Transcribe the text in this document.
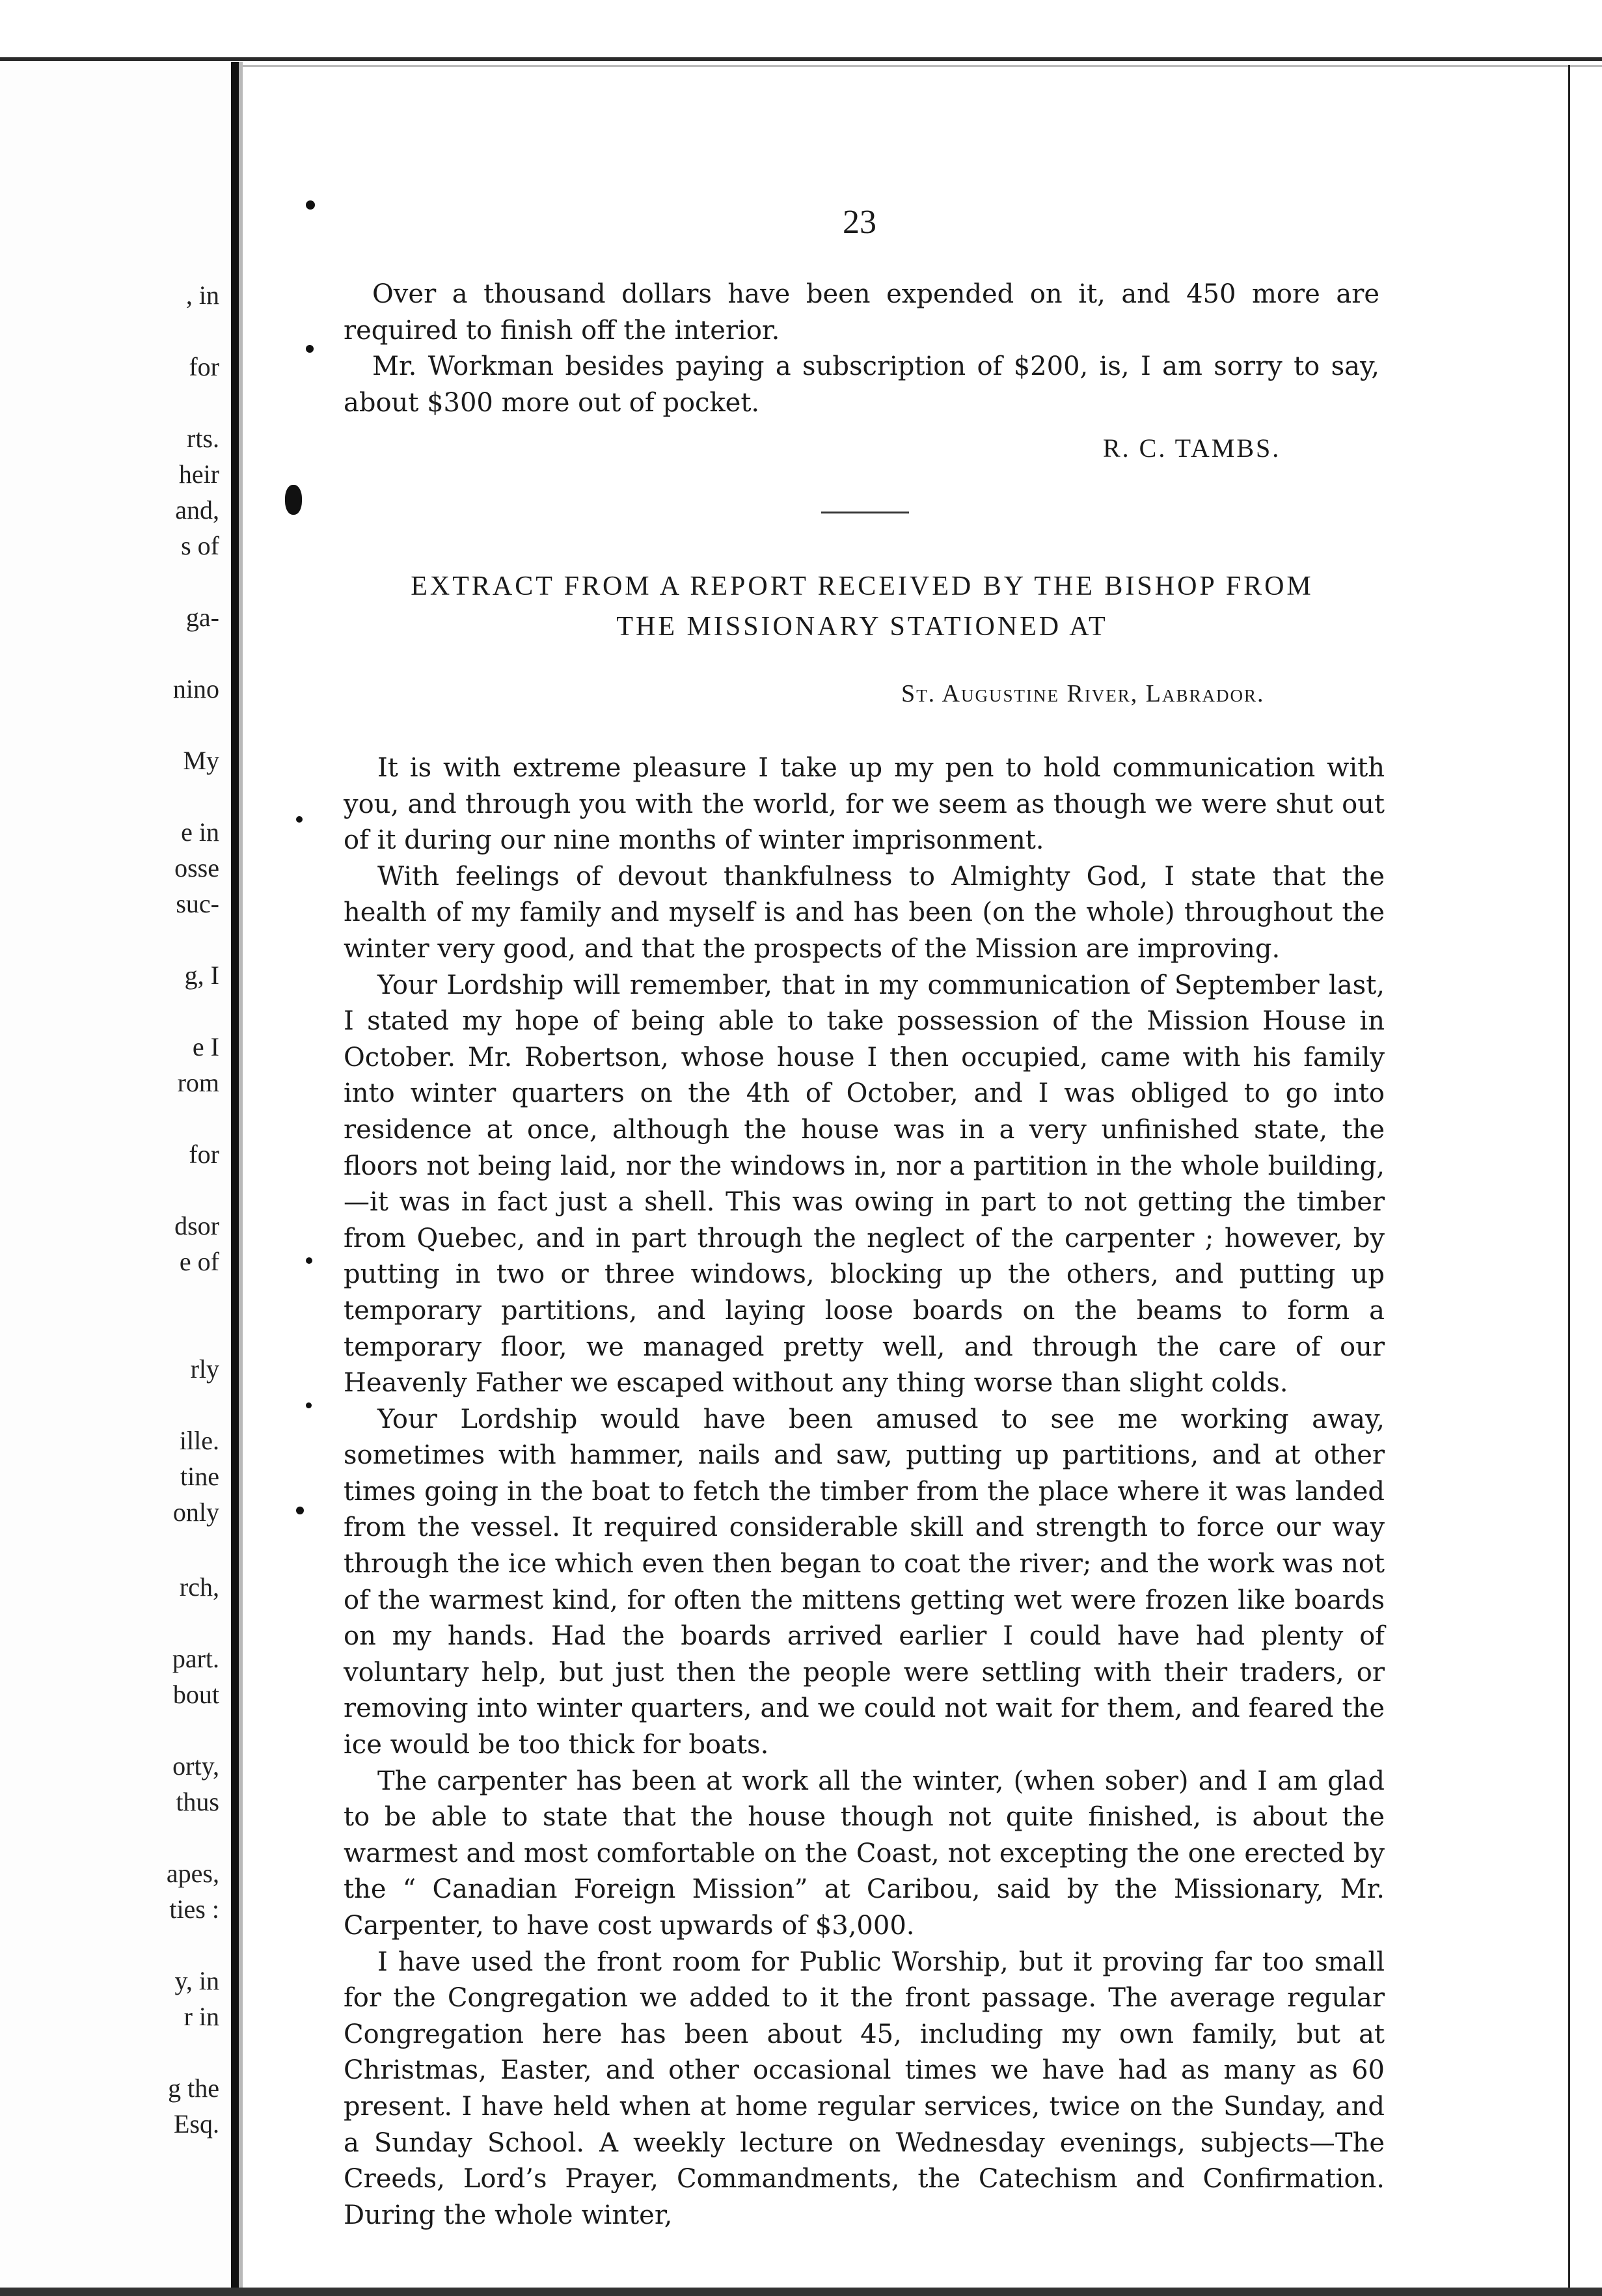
, in
for
rts.
heir
and,
s of
ga-
nino
My
e in
osse
suc-
g, I
e I
rom
for
dsor
e of
rly
ille.
tine
only
rch,
part.
bout
orty,
thus
apes,
ties :
y, in
r in
g the
Esq.
23

Over a thousand dollars have been expended on it, and 450 more are required to finish off the interior.

Mr. Workman besides paying a subscription of $200, is, I am sorry to say, about $300 more out of pocket.

R. C. TAMBS.
EXTRACT FROM A REPORT RECEIVED BY THE BISHOP FROM
THE MISSIONARY STATIONED AT
St. Augustine River, Labrador.

It is with extreme pleasure I take up my pen to hold communication with you, and through you with the world, for we seem as though we were shut out of it during our nine months of winter imprisonment.

With feelings of devout thankfulness to Almighty God, I state that the health of my family and myself is and has been (on the whole) throughout the winter very good, and that the prospects of the Mission are improving.

Your Lordship will remember, that in my communication of September last, I stated my hope of being able to take possession of the Mission House in October. Mr. Robertson, whose house I then occupied, came with his family into winter quarters on the 4th of October, and I was obliged to go into residence at once, although the house was in a very unfinished state, the floors not being laid, nor the windows in, nor a partition in the whole building,—it was in fact just a shell. This was owing in part to not getting the timber from Quebec, and in part through the neglect of the carpenter ; however, by putting in two or three windows, blocking up the others, and putting up temporary partitions, and laying loose boards on the beams to form a temporary floor, we managed pretty well, and through the care of our Heavenly Father we escaped without any thing worse than slight colds.

Your Lordship would have been amused to see me working away, sometimes with hammer, nails and saw, putting up partitions, and at other times going in the boat to fetch the timber from the place where it was landed from the vessel. It required considerable skill and strength to force our way through the ice which even then began to coat the river; and the work was not of the warmest kind, for often the mittens getting wet were frozen like boards on my hands. Had the boards arrived earlier I could have had plenty of voluntary help, but just then the people were settling with their traders, or removing into winter quarters, and we could not wait for them, and feared the ice would be too thick for boats.

The carpenter has been at work all the winter, (when sober) and I am glad to be able to state that the house though not quite finished, is about the warmest and most comfortable on the Coast, not excepting the one erected by the “ Canadian Foreign Mission” at Caribou, said by the Missionary, Mr. Carpenter, to have cost upwards of $3,000.

I have used the front room for Public Worship, but it proving far too small for the Congregation we added to it the front passage. The average regular Congregation here has been about 45, including my own family, but at Christmas, Easter, and other occasional times we have had as many as 60 present. I have held when at home regular services, twice on the Sunday, and a Sunday School. A weekly lecture on Wednesday evenings, subjects—The Creeds, Lord’s Prayer, Commandments, the Catechism and Confirmation. During the whole winter,
